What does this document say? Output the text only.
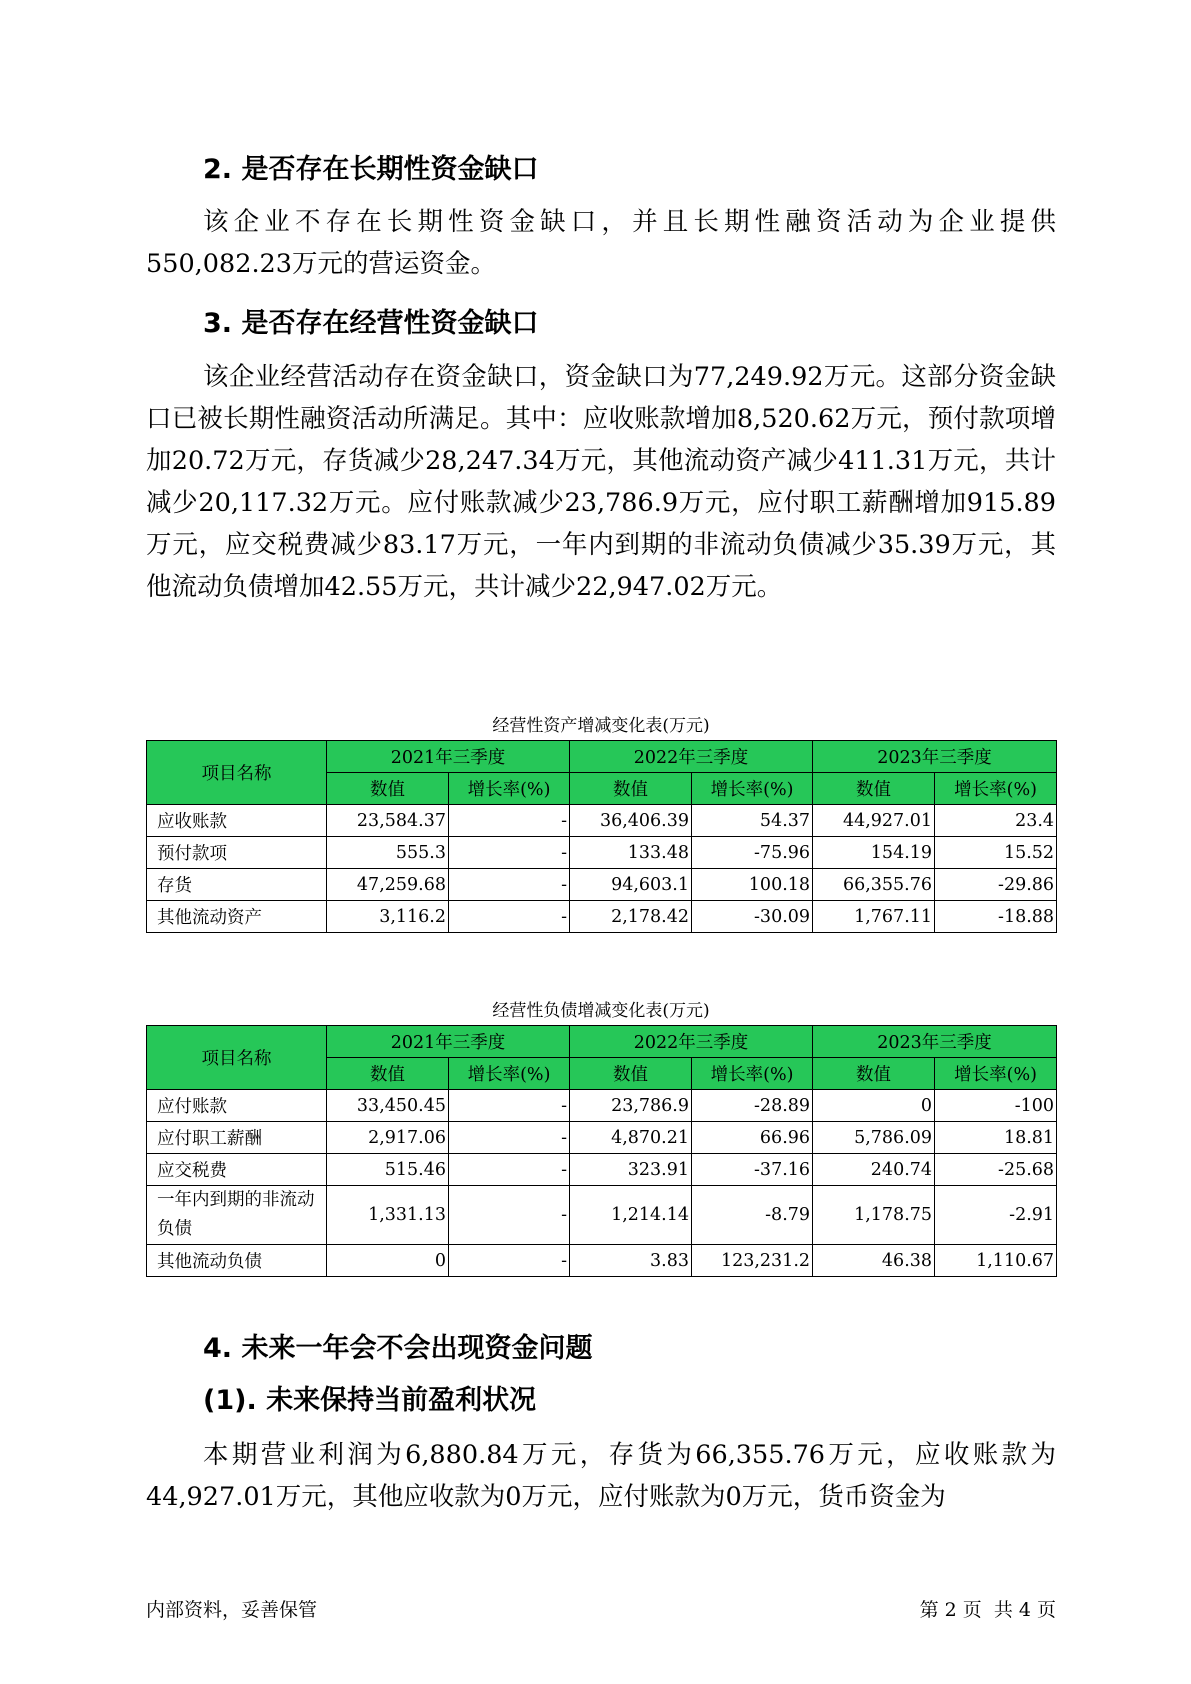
2. 是否存在长期性资金缺口

该企业不存在长期性资金缺口，并且长期性融资活动为企业提供550,082.23万元的营运资金。

3. 是否存在经营性资金缺口

该企业经营活动存在资金缺口，资金缺口为77,249.92万元。这部分资金缺口已被长期性融资活动所满足。其中：应收账款增加8,520.62万元，预付款项增加20.72万元，存货减少28,247.34万元，其他流动资产减少411.31万元，共计减少20,117.32万元。应付账款减少23,786.9万元，应付职工薪酬增加915.89万元，应交税费减少83.17万元，一年内到期的非流动负债减少35.39万元，其他流动负债增加42.55万元，共计减少22,947.02万元。

经营性资产增减变化表(万元)
项目名称	2021年三季度		2022年三季度		2023年三季度	
	数值	增长率(%)	数值	增长率(%)	数值	增长率(%)
应收账款	23,584.37	-	36,406.39	54.37	44,927.01	23.4
预付款项	555.3	-	133.48	-75.96	154.19	15.52
存货	47,259.68	-	94,603.1	100.18	66,355.76	-29.86
其他流动资产	3,116.2	-	2,178.42	-30.09	1,767.11	-18.88
经营性负债增减变化表(万元)
项目名称	2021年三季度		2022年三季度		2023年三季度	
	数值	增长率(%)	数值	增长率(%)	数值	增长率(%)
应付账款	33,450.45	-	23,786.9	-28.89	0	-100
应付职工薪酬	2,917.06	-	4,870.21	66.96	5,786.09	18.81
应交税费	515.46	-	323.91	-37.16	240.74	-25.68
一年内到期的非流动负债	1,331.13	-	1,214.14	-8.79	1,178.75	-2.91
其他流动负债	0	-	3.83	123,231.2	46.38	1,110.67
4. 未来一年会不会出现资金问题
(1). 未来保持当前盈利状况

本期营业利润为6,880.84万元，存货为66,355.76万元，应收账款为44,927.01万元，其他应收款为0万元，应付账款为0万元，货币资金为

内部资料，妥善保管	第 2 页  共 4 页
